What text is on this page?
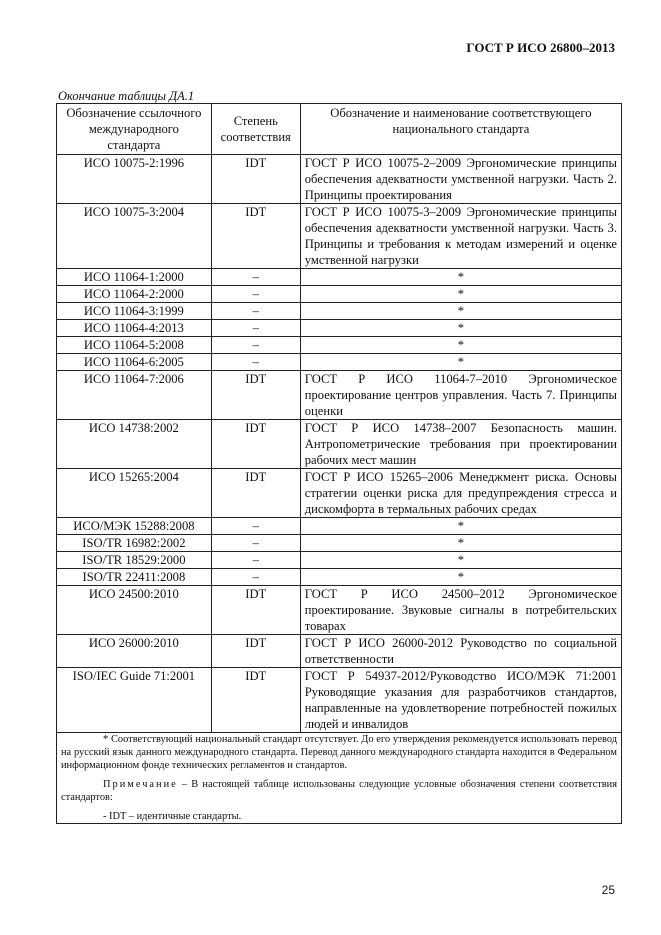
ГОСТ Р ИСО 26800–2013
Окончание таблицы ДА.1
Обозначение ссылочного международного стандарта	Степень соответствия	Обозначение и наименование соответствующего национального стандарта
ИСО 10075-2:1996	IDT	ГОСТ Р ИСО 10075-2–2009 Эргономические принципы обеспечения адекватности умственной нагрузки. Часть 2. Принципы проектирования
ИСО 10075-3:2004	IDT	ГОСТ Р ИСО 10075-3–2009 Эргономические принципы обеспечения адекватности умственной нагрузки. Часть 3. Принципы и требования к методам измерений и оценке умственной нагрузки
ИСО 11064-1:2000	–	*
ИСО 11064-2:2000	–	*
ИСО 11064-3:1999	–	*
ИСО 11064-4:2013	–	*
ИСО 11064-5:2008	–	*
ИСО 11064-6:2005	–	*
ИСО 11064-7:2006	IDT	ГОСТ Р ИСО 11064-7–2010 Эргономическое проектирование центров управления. Часть 7. Принципы оценки
ИСО 14738:2002	IDT	ГОСТ Р ИСО 14738–2007 Безопасность машин. Антропометрические требования при проектировании рабочих мест машин
ИСО 15265:2004	IDT	ГОСТ Р ИСО 15265–2006 Менеджмент риска. Основы стратегии оценки риска для предупреждения стресса и дискомфорта в термальных рабочих средах
ИСО/МЭК 15288:2008	–	*
ISO/TR 16982:2002	–	*
ISO/TR 18529:2000	–	*
ISO/TR 22411:2008	–	*
ИСО 24500:2010	IDT	ГОСТ Р ИСО 24500–2012 Эргономическое проектирование. Звуковые сигналы в потребительских товарах
ИСО 26000:2010	IDT	ГОСТ Р ИСО 26000-2012 Руководство по социальной ответственности
ISO/IEC Guide 71:2001	IDT	ГОСТ Р 54937-2012/Руководство ИСО/МЭК 71:2001 Руководящие указания для разработчиков стандартов, направленные на удовлетворение потребностей пожилых людей и инвалидов

* Соответствующий национальный стандарт отсутствует. До его утверждения рекомендуется использовать перевод на русский язык данного международного стандарта. Перевод данного международного стандарта находится в Федеральном информационном фонде технических регламентов и стандартов.

Примечание – В настоящей таблице использованы следующие условные обозначения степени соответствия стандартов:

- IDT – идентичные стандарты.		

25
